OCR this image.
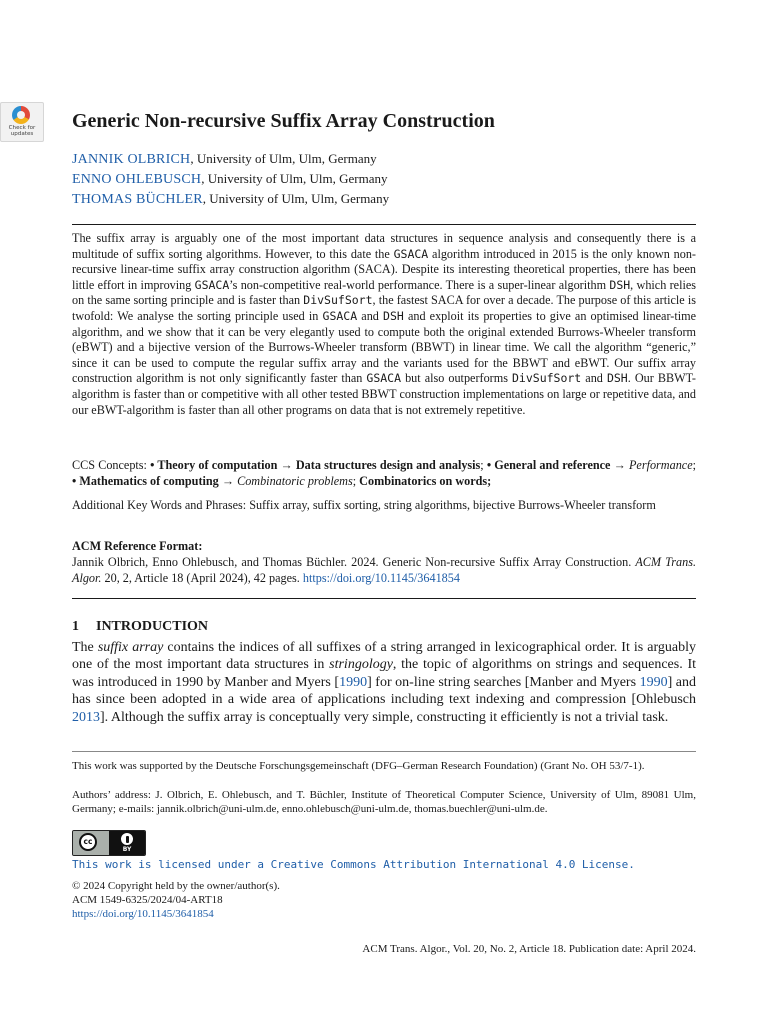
Check for
updates
Generic Non-recursive Suffix Array Construction
JANNIK OLBRICH, University of Ulm, Ulm, Germany
ENNO OHLEBUSCH, University of Ulm, Ulm, Germany
THOMAS BÜCHLER, University of Ulm, Ulm, Germany
The suffix array is arguably one of the most important data structures in sequence analysis and consequently there is a multitude of suffix sorting algorithms. However, to this date the GSACA algorithm introduced in 2015 is the only known non-recursive linear-time suffix array construction algorithm (SACA). Despite its interesting theoretical properties, there has been little effort in improving GSACA’s non-competitive real-world performance. There is a super-linear algorithm DSH, which relies on the same sorting principle and is faster than DivSufSort, the fastest SACA for over a decade. The purpose of this article is twofold: We analyse the sorting principle used in GSACA and DSH and exploit its properties to give an optimised linear-time algorithm, and we show that it can be very elegantly used to compute both the original extended Burrows-Wheeler transform (eBWT) and a bijective version of the Burrows-Wheeler transform (BBWT) in linear time. We call the algorithm “generic,” since it can be used to compute the regular suffix array and the variants used for the BBWT and eBWT. Our suffix array construction algorithm is not only significantly faster than GSACA but also outperforms DivSufSort and DSH. Our BBWT-algorithm is faster than or competitive with all other tested BBWT construction implementations on large or repetitive data, and our eBWT-algorithm is faster than all other programs on data that is not extremely repetitive.
CCS Concepts: • Theory of computation → Data structures design and analysis; • General and reference → Performance; • Mathematics of computing → Combinatoric problems; Combinatorics on words;
Additional Key Words and Phrases: Suffix array, suffix sorting, string algorithms, bijective Burrows-Wheeler transform
ACM Reference Format:
Jannik Olbrich, Enno Ohlebusch, and Thomas Büchler. 2024. Generic Non-recursive Suffix Array Construction. ACM Trans. Algor. 20, 2, Article 18 (April 2024), 42 pages. https://doi.org/10.1145/3641854
1 INTRODUCTION
The suffix array contains the indices of all suffixes of a string arranged in lexicographical order. It is arguably one of the most important data structures in stringology, the topic of algorithms on strings and sequences. It was introduced in 1990 by Manber and Myers [1990] for on-line string searches [Manber and Myers 1990] and has since been adopted in a wide area of applications including text indexing and compression [Ohlebusch 2013]. Although the suffix array is conceptually very simple, constructing it efficiently is not a trivial task.
This work was supported by the Deutsche Forschungsgemeinschaft (DFG–German Research Foundation) (Grant No. OH 53/7-1).
Authors’ address: J. Olbrich, E. Ohlebusch, and T. Büchler, Institute of Theoretical Computer Science, University of Ulm, 89081 Ulm, Germany; e-mails: jannik.olbrich@uni-ulm.de, enno.ohlebusch@uni-ulm.de, thomas.buechler@uni-ulm.de.
cc
BY
This work is licensed under a Creative Commons Attribution International 4.0 License.
© 2024 Copyright held by the owner/author(s).
ACM 1549-6325/2024/04-ART18
https://doi.org/10.1145/3641854
ACM Trans. Algor., Vol. 20, No. 2, Article 18. Publication date: April 2024.
